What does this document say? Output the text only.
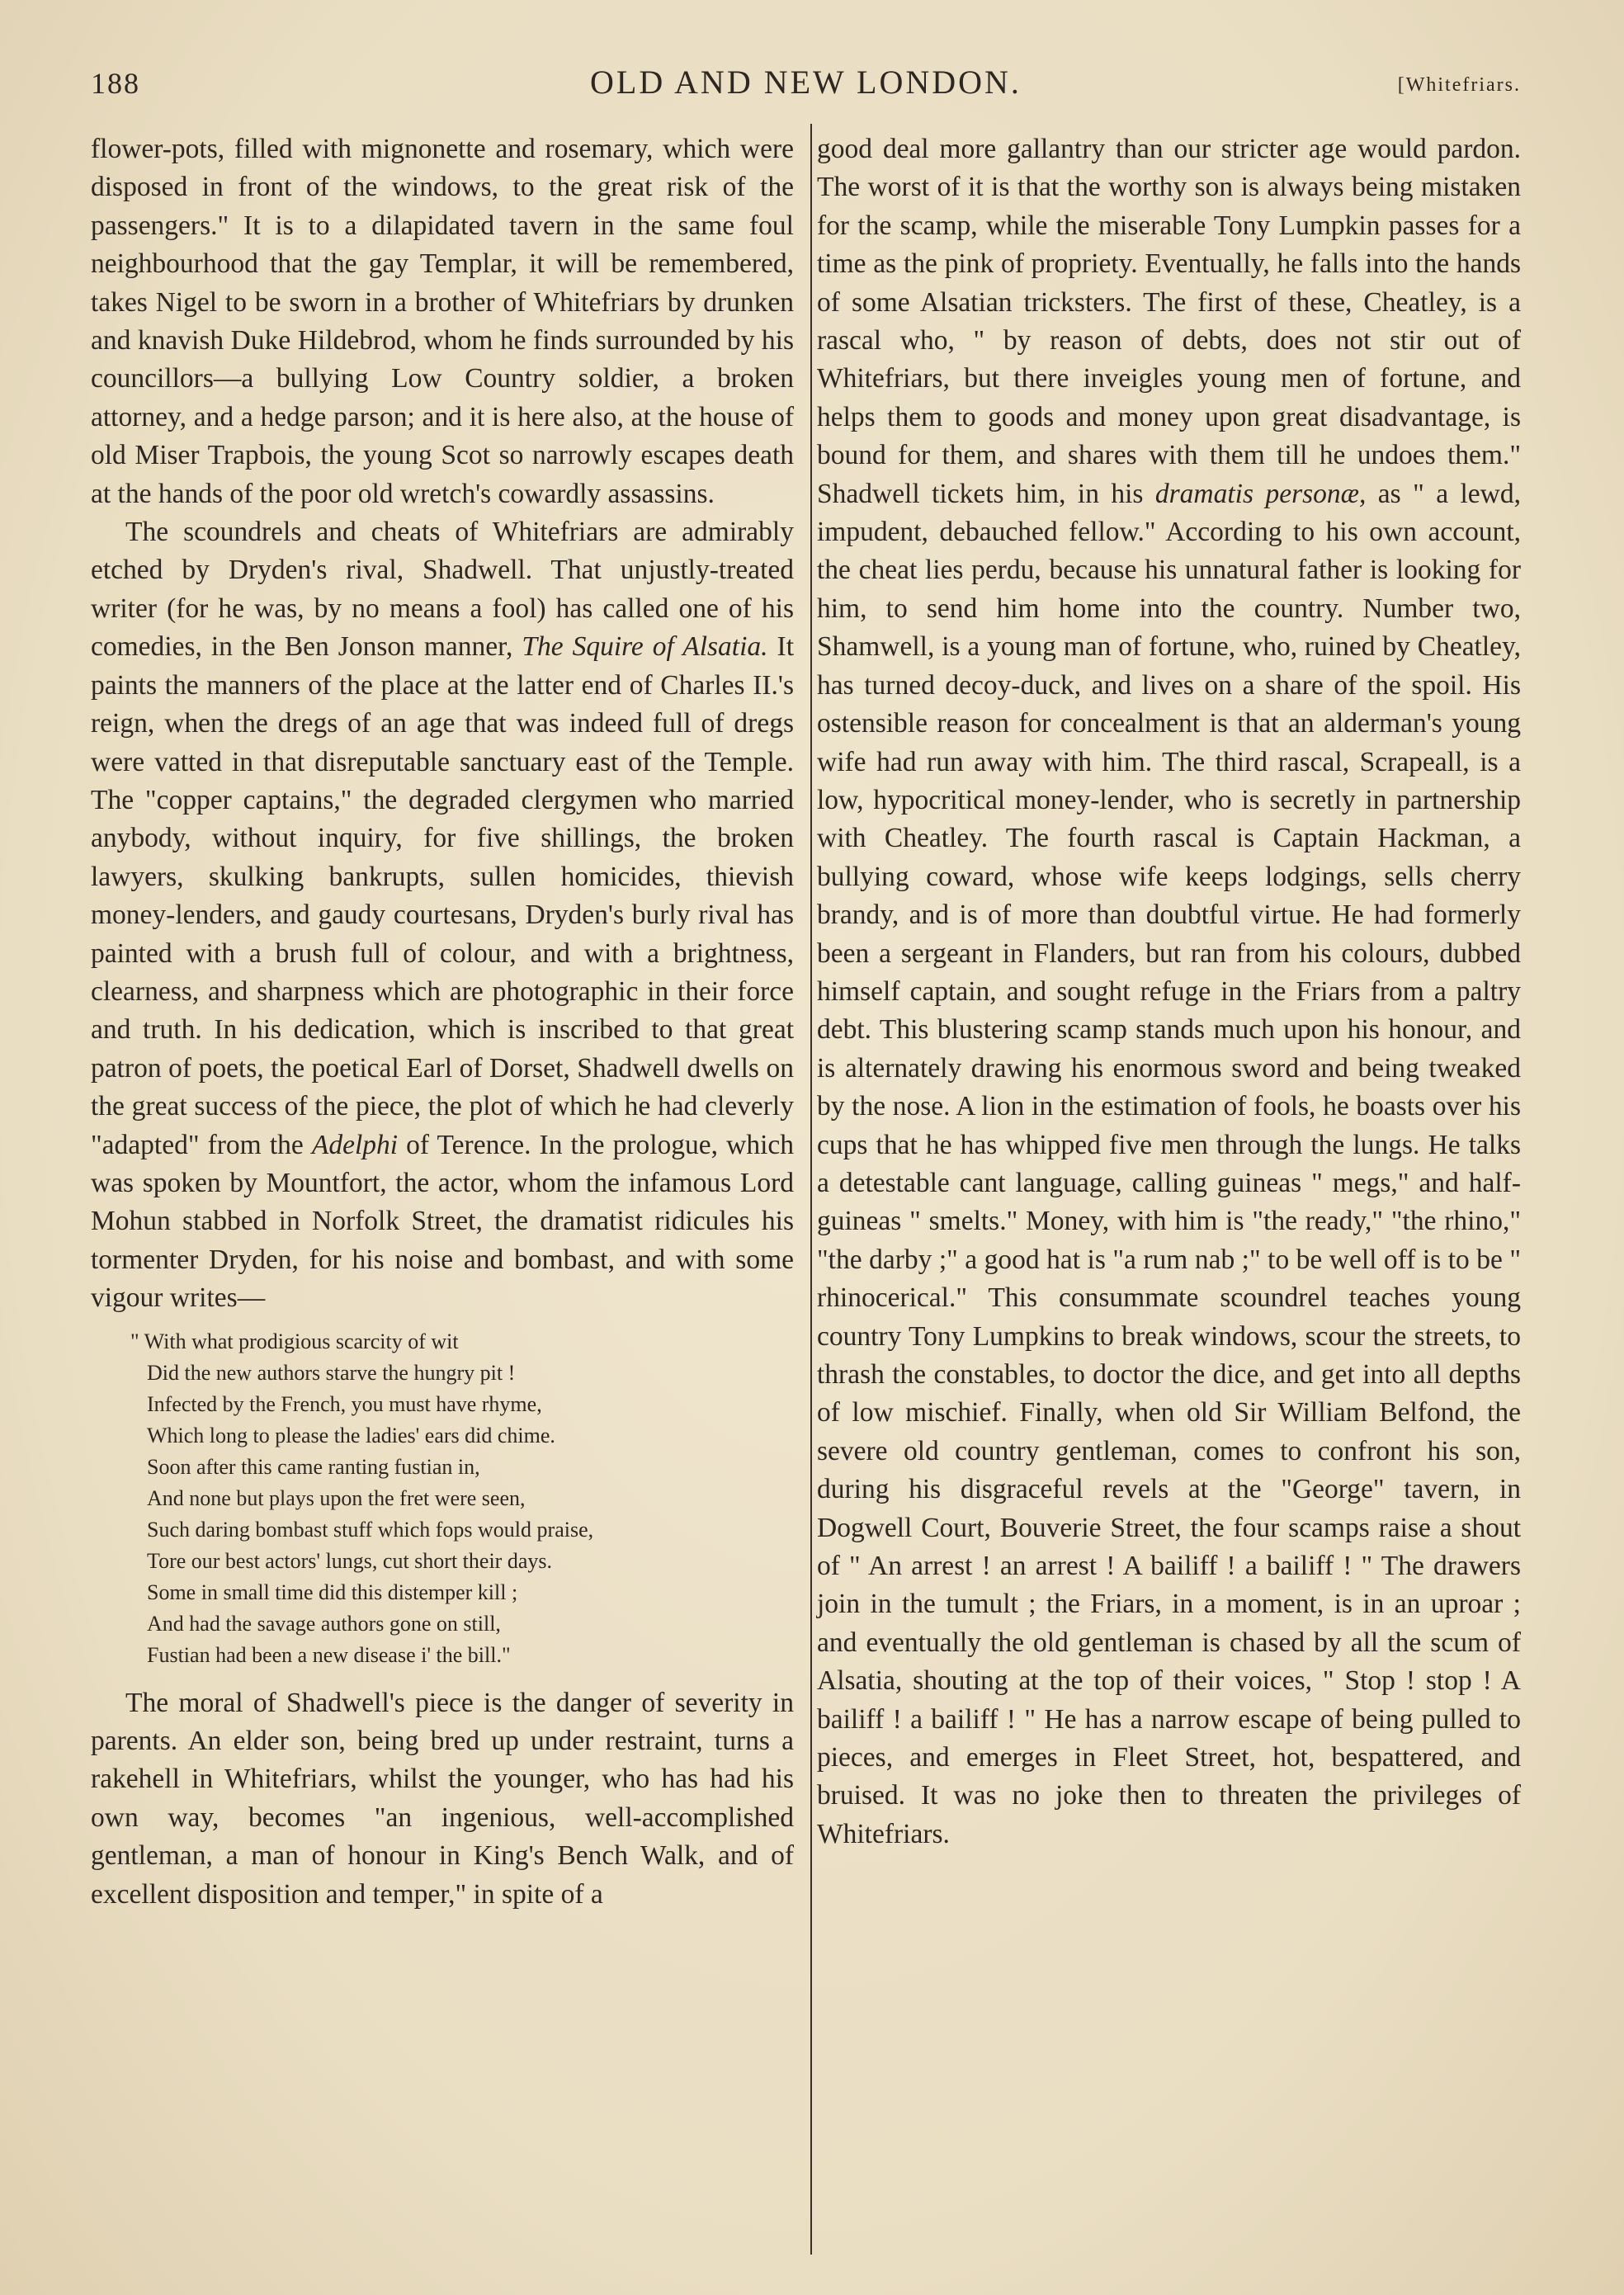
188	OLD AND NEW LONDON.	[Whitefriars.

flower-pots, filled with mignonette and rosemary, which were disposed in front of the windows, to the great risk of the passengers." It is to a dilapidated tavern in the same foul neighbourhood that the gay Templar, it will be remembered, takes Nigel to be sworn in a brother of Whitefriars by drunken and knavish Duke Hildebrod, whom he finds surrounded by his councillors—a bullying Low Country soldier, a broken attorney, and a hedge parson; and it is here also, at the house of old Miser Trapbois, the young Scot so narrowly escapes death at the hands of the poor old wretch's cowardly assassins.

The scoundrels and cheats of Whitefriars are admirably etched by Dryden's rival, Shadwell. That unjustly-treated writer (for he was, by no means a fool) has called one of his comedies, in the Ben Jonson manner, The Squire of Alsatia. It paints the manners of the place at the latter end of Charles II.'s reign, when the dregs of an age that was indeed full of dregs were vatted in that disreputable sanctuary east of the Temple. The "copper captains," the degraded clergymen who married anybody, without inquiry, for five shillings, the broken lawyers, skulking bankrupts, sullen homicides, thievish money-lenders, and gaudy courtesans, Dryden's burly rival has painted with a brush full of colour, and with a brightness, clearness, and sharpness which are photographic in their force and truth. In his dedication, which is inscribed to that great patron of poets, the poetical Earl of Dorset, Shadwell dwells on the great success of the piece, the plot of which he had cleverly "adapted" from the Adelphi of Terence. In the prologue, which was spoken by Mountfort, the actor, whom the infamous Lord Mohun stabbed in Norfolk Street, the dramatist ridicules his tormenter Dryden, for his noise and bombast, and with some vigour writes—

" With what prodigious scarcity of wit
Did the new authors starve the hungry pit !
Infected by the French, you must have rhyme,
Which long to please the ladies' ears did chime.
Soon after this came ranting fustian in,
And none but plays upon the fret were seen,
Such daring bombast stuff which fops would praise,
Tore our best actors' lungs, cut short their days.
Some in small time did this distemper kill ;
And had the savage authors gone on still,
Fustian had been a new disease i' the bill."

The moral of Shadwell's piece is the danger of severity in parents. An elder son, being bred up under restraint, turns a rakehell in Whitefriars, whilst the younger, who has had his own way, becomes "an ingenious, well-accomplished gentleman, a man of honour in King's Bench Walk, and of excellent disposition and temper," in spite of a

good deal more gallantry than our stricter age would pardon. The worst of it is that the worthy son is always being mistaken for the scamp, while the miserable Tony Lumpkin passes for a time as the pink of propriety. Eventually, he falls into the hands of some Alsatian tricksters. The first of these, Cheatley, is a rascal who, " by reason of debts, does not stir out of Whitefriars, but there inveigles young men of fortune, and helps them to goods and money upon great disadvantage, is bound for them, and shares with them till he undoes them." Shadwell tickets him, in his dramatis personæ, as " a lewd, impudent, debauched fellow." According to his own account, the cheat lies perdu, because his unnatural father is looking for him, to send him home into the country. Number two, Shamwell, is a young man of fortune, who, ruined by Cheatley, has turned decoy-duck, and lives on a share of the spoil. His ostensible reason for concealment is that an alderman's young wife had run away with him. The third rascal, Scrapeall, is a low, hypocritical money-lender, who is secretly in partnership with Cheatley. The fourth rascal is Captain Hackman, a bullying coward, whose wife keeps lodgings, sells cherry brandy, and is of more than doubtful virtue. He had formerly been a sergeant in Flanders, but ran from his colours, dubbed himself captain, and sought refuge in the Friars from a paltry debt. This blustering scamp stands much upon his honour, and is alternately drawing his enormous sword and being tweaked by the nose. A lion in the estimation of fools, he boasts over his cups that he has whipped five men through the lungs. He talks a detestable cant language, calling guineas " megs," and half-guineas " smelts." Money, with him is "the ready," "the rhino," "the darby ;" a good hat is "a rum nab ;" to be well off is to be " rhinocerical." This consummate scoundrel teaches young country Tony Lumpkins to break windows, scour the streets, to thrash the constables, to doctor the dice, and get into all depths of low mischief. Finally, when old Sir William Belfond, the severe old country gentleman, comes to confront his son, during his disgraceful revels at the "George" tavern, in Dogwell Court, Bouverie Street, the four scamps raise a shout of " An arrest ! an arrest ! A bailiff ! a bailiff ! " The drawers join in the tumult ; the Friars, in a moment, is in an uproar ; and eventually the old gentleman is chased by all the scum of Alsatia, shouting at the top of their voices, " Stop ! stop ! A bailiff ! a bailiff ! " He has a narrow escape of being pulled to pieces, and emerges in Fleet Street, hot, bespattered, and bruised. It was no joke then to threaten the privileges of Whitefriars.
